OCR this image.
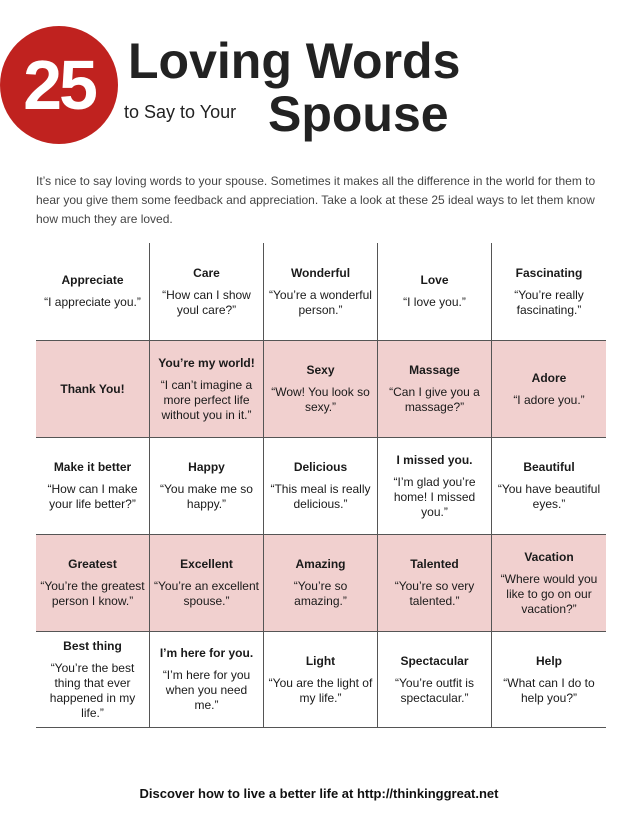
25 Loving Words
to Say to Your Spouse
It’s nice to say loving words to your spouse. Sometimes it makes all the difference in the world for them to hear you give them some feedback and appreciation. Take a look at these 25 ideal ways to let them know how much they are loved.
Appreciate
“I appreciate you.”
Care
“How can I show youl care?”
Wonderful
“You’re a wonderful person.”
Love
“I love you.”
Fascinating
“You’re really fascinating.”
Thank You!
You’re my world!
“I can’t imagine a more perfect life without you in it.”
Sexy
“Wow! You look so sexy.”
Massage
“Can I give you a massage?”
Adore
“I adore you.”
Make it better
“How can I make your life better?”
Happy
“You make me so happy.”
Delicious
“This meal is really delicious.”
I missed you.
“I’m glad you’re home! I missed you.”
Beautiful
“You have beautiful eyes.”
Greatest
“You’re the greatest person I know.”
Excellent
“You’re an excellent spouse.”
Amazing
“You’re so amazing.”
Talented
“You’re so very talented.”
Vacation
“Where would you like to go on our vacation?”
Best thing
“You’re the best thing that ever happened in my life.”
I’m here for you.
“I’m here for you when you need me.”
Light
“You are the light of my life.”
Spectacular
“You’re outfit is spectacular.”
Help
“What can I do to help you?”
Discover how to live a better life at http://thinkinggreat.net
